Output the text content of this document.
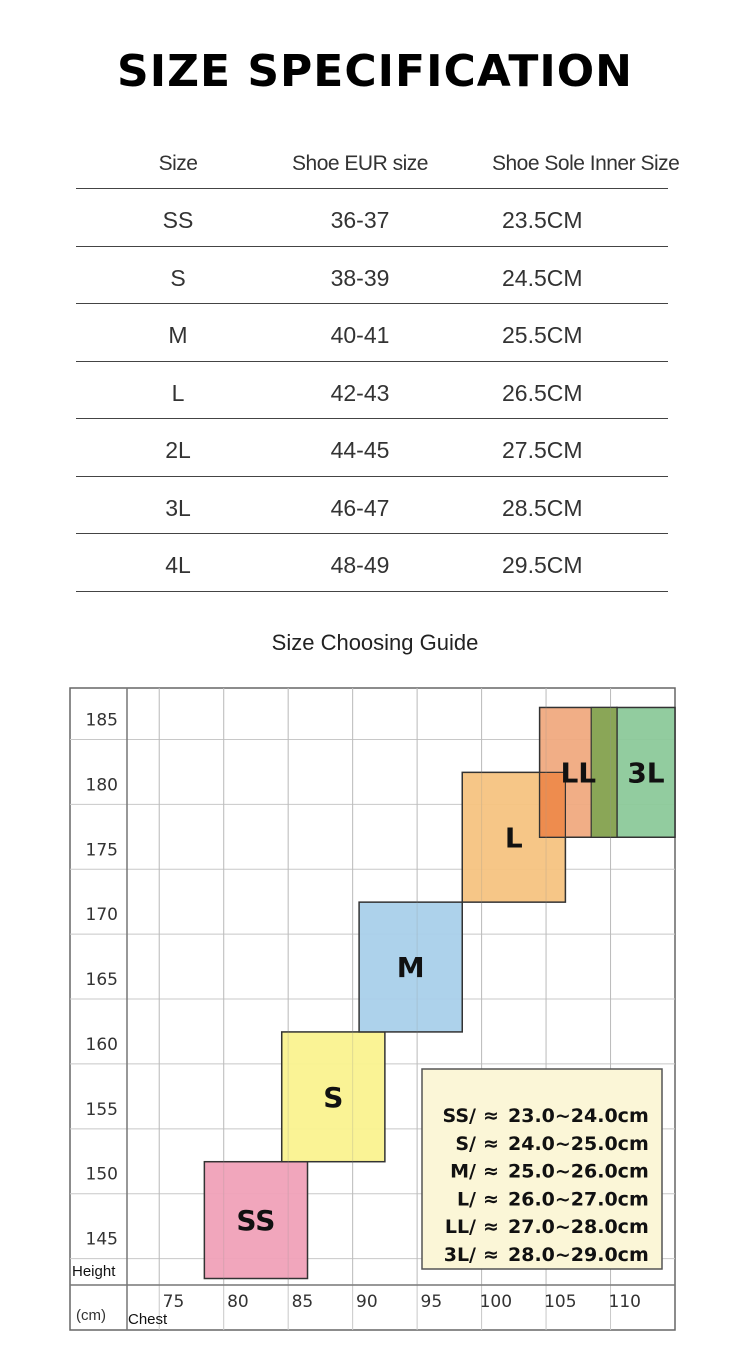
SIZE SPECIFICATION
Size	Shoe EUR size	Shoe Sole Inner Size
SS	36-37	23.5CM
S	38-39	24.5CM
M	40-41	25.5CM
L	42-43	26.5CM
2L	44-45	27.5CM
3L	46-47	28.5CM
4L	48-49	29.5CM
Size Choosing Guide
SS
S
M
L
LL 3L
145
150
155
160
165
170
175
180
185
75	80	85	90	95 100 105 110
Height
Chest
(cm)
SS/ ≈ 23.0~24.0cm
S/ ≈ 24.0~25.0cm
M/ ≈ 25.0~26.0cm
L/ ≈ 26.0~27.0cm
LL/ ≈ 27.0~28.0cm
3L/ ≈ 28.0~29.0cm
